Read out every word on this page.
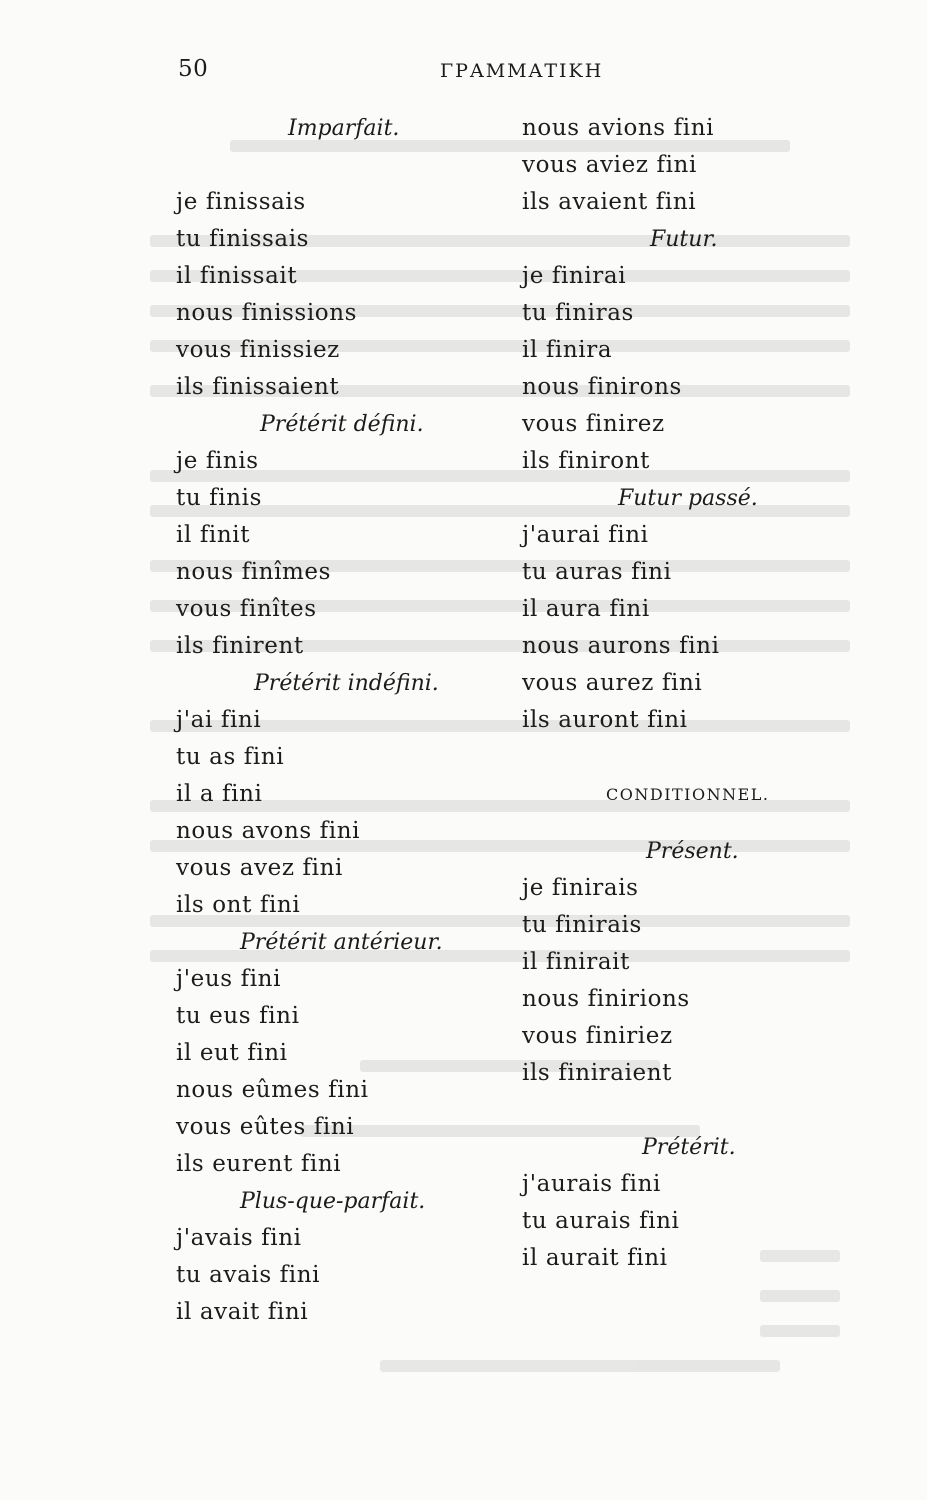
50	ΓΡΑΜΜΑΤΙΚΗ
Imparfait.
je finissais
tu finissais
il finissait
nous finissions
vous finissiez
ils finissaient
Prétérit défini.
je finis
tu finis
il finit
nous finîmes
vous finîtes
ils finirent
Prétérit indéfini.
j'ai fini
tu as fini
il a fini
nous avons fini
vous avez fini
ils ont fini
Prétérit antérieur.
j'eus fini
tu eus fini
il eut fini
nous eûmes fini
vous eûtes fini
ils eurent fini
Plus-que-parfait.
j'avais fini
tu avais fini
il avait fini
nous avions fini
vous aviez fini
ils avaient fini
Futur.
je finirai
tu finiras
il finira
nous finirons
vous finirez
ils finiront
Futur passé.
j'aurai fini
tu auras fini
il aura fini
nous aurons fini
vous aurez fini
ils auront fini
CONDITIONNEL.
Présent.
je finirais
tu finirais
il finirait
nous finirions
vous finiriez
ils finiraient
Prétérit.
j'aurais fini
tu aurais fini
il aurait fini
